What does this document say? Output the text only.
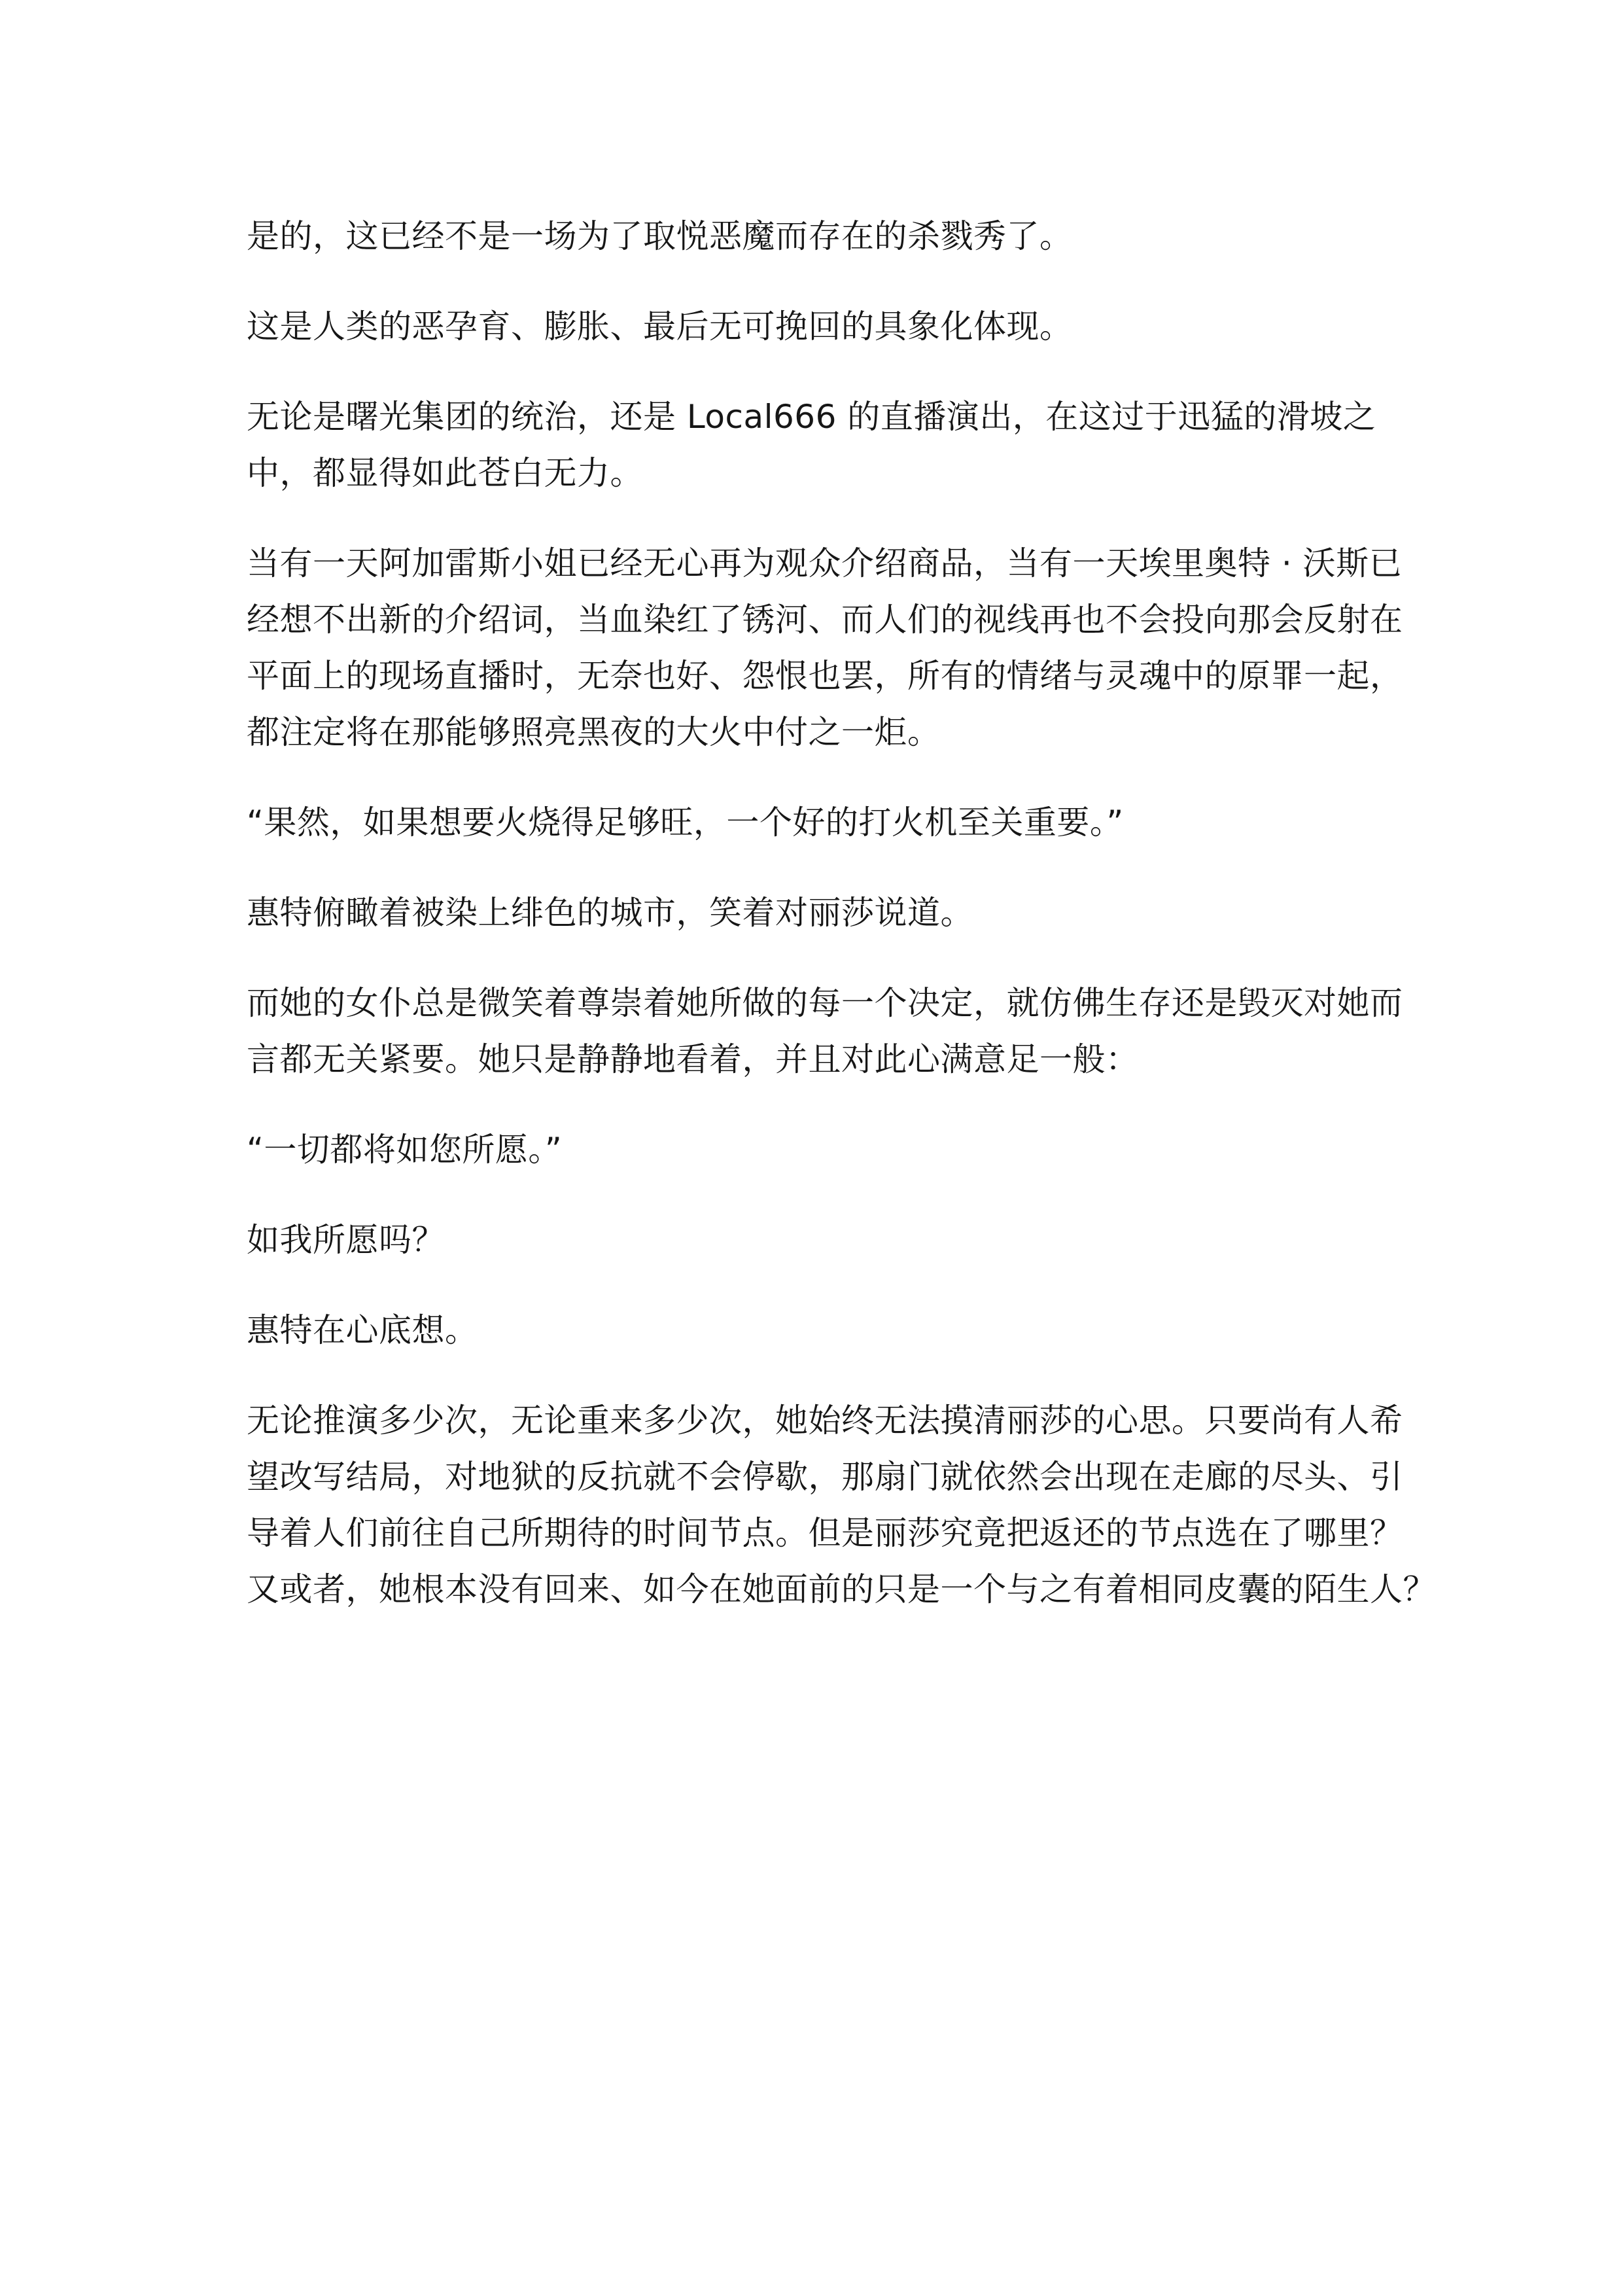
是的，这已经不是一场为了取悦恶魔而存在的杀戮秀了。

这是人类的恶孕育、膨胀、最后无可挽回的具象化体现。

无论是曙光集团的统治，还是 Local666 的直播演出，在这过于迅猛的滑坡之
中，都显得如此苍白无力。

当有一天阿加雷斯小姐已经无心再为观众介绍商品，当有一天埃里奥特 · 沃斯已
经想不出新的介绍词，当血染红了锈河、而人们的视线再也不会投向那会反射在
平面上的现场直播时，无奈也好、怨恨也罢，所有的情绪与灵魂中的原罪一起，
都注定将在那能够照亮黑夜的大火中付之一炬。

“果然，如果想要火烧得足够旺，一个好的打火机至关重要。”

惠特俯瞰着被染上绯色的城市，笑着对丽莎说道。

而她的女仆总是微笑着尊崇着她所做的每一个决定，就仿佛生存还是毁灭对她而
言都无关紧要。她只是静静地看着，并且对此心满意足一般：

“一切都将如您所愿。”

如我所愿吗？

惠特在心底想。

无论推演多少次，无论重来多少次，她始终无法摸清丽莎的心思。只要尚有人希
望改写结局，对地狱的反抗就不会停歇，那扇门就依然会出现在走廊的尽头、引
导着人们前往自己所期待的时间节点。但是丽莎究竟把返还的节点选在了哪里？
又或者，她根本没有回来、如今在她面前的只是一个与之有着相同皮囊的陌生人？
